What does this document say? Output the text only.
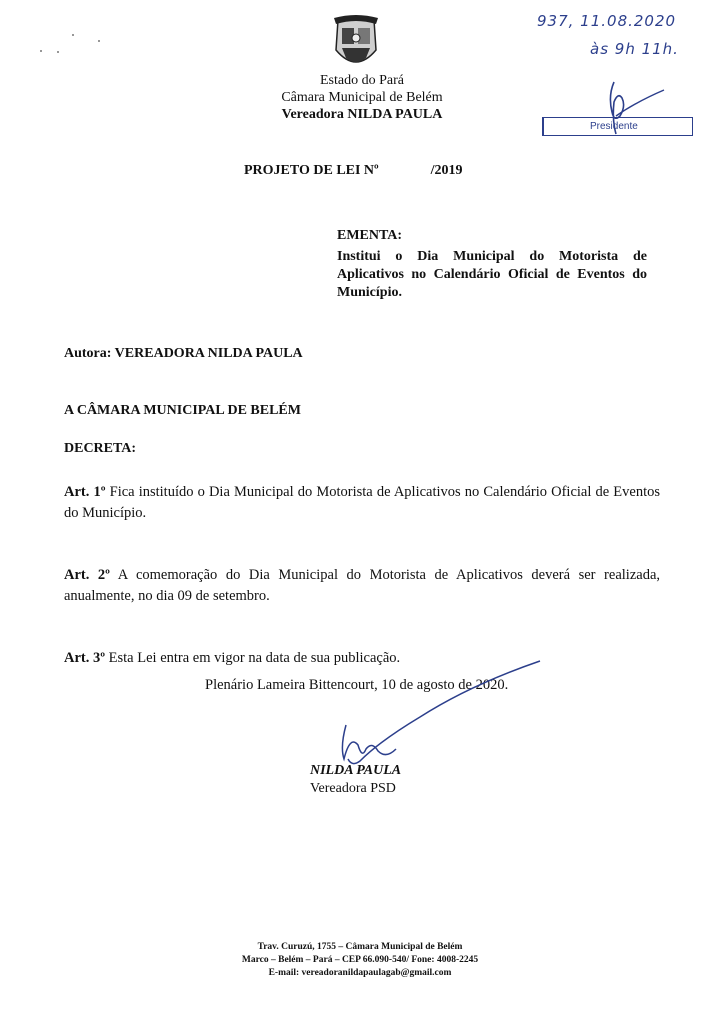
Estado do Pará
Câmara Municipal de Belém
Vereadora NILDA PAULA
937, 11.08.2020
às 9h 11h.
Presidente
PROJETO DE LEI Nº	/2019
EMENTA:
Institui o Dia Municipal do Motorista de Aplicativos no Calendário Oficial de Eventos do Município.
Autora: VEREADORA NILDA PAULA
A CÂMARA MUNICIPAL DE BELÉM
DECRETA:
Art. 1º Fica instituído o Dia Municipal do Motorista de Aplicativos no Calendário Oficial de Eventos do Município.
Art. 2º A comemoração do Dia Municipal do Motorista de Aplicativos deverá ser realizada, anualmente, no dia 09 de setembro.
Art. 3º Esta Lei entra em vigor na data de sua publicação.
Plenário Lameira Bittencourt, 10 de agosto de 2020.
NILDA PAULA
Vereadora PSD
Trav. Curuzú, 1755 – Câmara Municipal de Belém
Marco – Belém – Pará – CEP 66.090-540/ Fone: 4008-2245
E-mail: vereadoranildapaulagab@gmail.com
